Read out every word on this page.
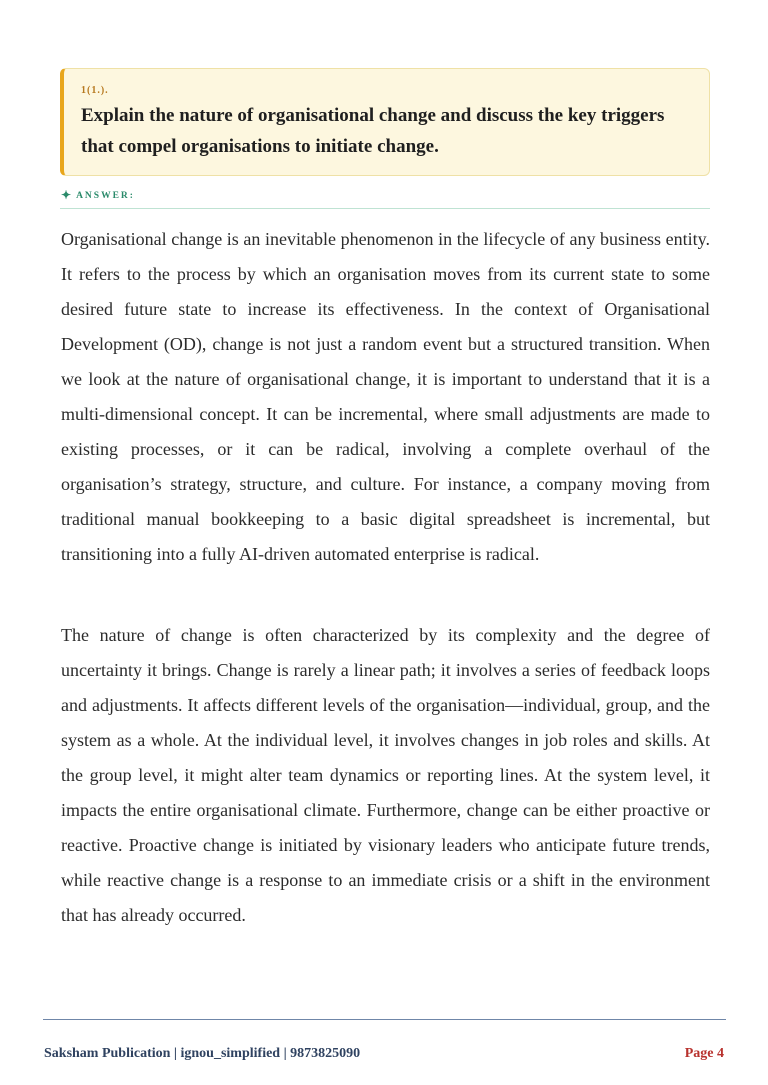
1(1.).
Explain the nature of organisational change and discuss the key triggers that compel organisations to initiate change.
✦ ANSWER:

Organisational change is an inevitable phenomenon in the lifecycle of any business entity. It refers to the process by which an organisation moves from its current state to some desired future state to increase its effectiveness. In the context of Organisational Development (OD), change is not just a random event but a structured transition. When we look at the nature of organisational change, it is important to understand that it is a multi-dimensional concept. It can be incremental, where small adjustments are made to existing processes, or it can be radical, involving a complete overhaul of the organisation’s strategy, structure, and culture. For instance, a company moving from traditional manual bookkeeping to a basic digital spreadsheet is incremental, but transitioning into a fully AI-driven automated enterprise is radical.

The nature of change is often characterized by its complexity and the degree of uncertainty it brings. Change is rarely a linear path; it involves a series of feedback loops and adjustments. It affects different levels of the organisation—individual, group, and the system as a whole. At the individual level, it involves changes in job roles and skills. At the group level, it might alter team dynamics or reporting lines. At the system level, it impacts the entire organisational climate. Furthermore, change can be either proactive or reactive. Proactive change is initiated by visionary leaders who anticipate future trends, while reactive change is a response to an immediate crisis or a shift in the environment that has already occurred.

Saksham Publication | ignou_simplified | 9873825090	Page 4
